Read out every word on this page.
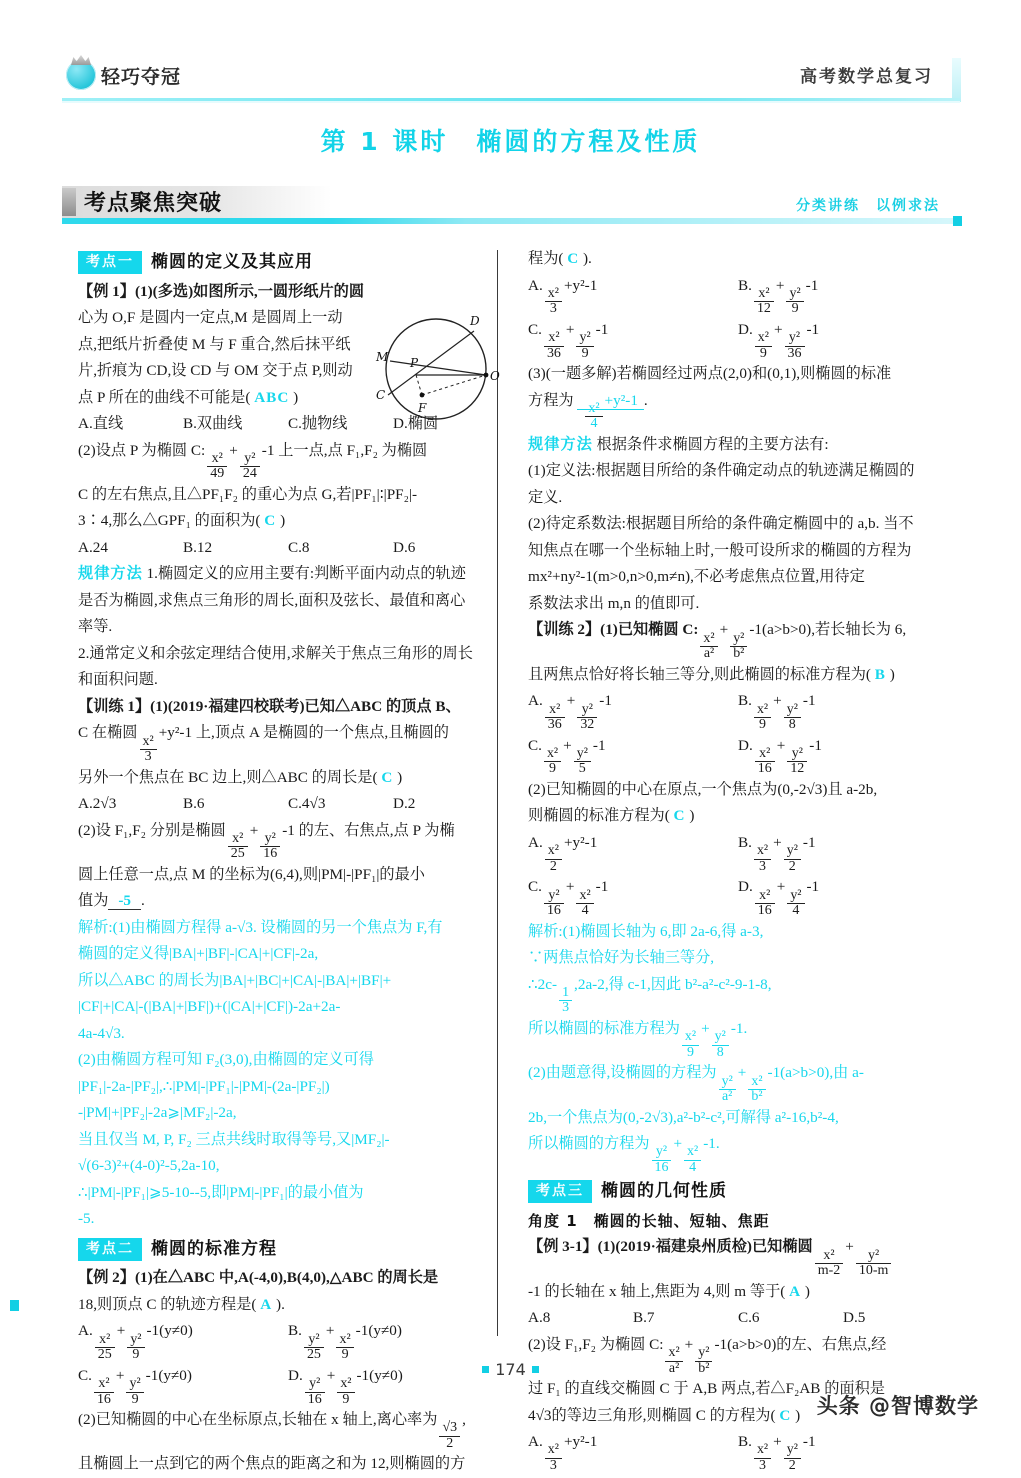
轻巧夺冠	高考数学总复习
第 1 课时　椭圆的方程及性质
考点聚焦突破	分类讲练　以例求法
考点一	椭圆的定义及其应用
D
M P
O
C
F

【例 1】(1)(多选)如图所示,一圆形纸片的圆

心为 O,F 是圆内一定点,M 是圆周上一动

点,把纸片折叠使 M 与 F 重合,然后抹平纸

片,折痕为 CD,设 CD 与 OM 交于点 P,则动

点 P 所在的曲线不可能是( ABC )

A.直线	B.双曲线	C.抛物线	D.椭圆

(2)设点 P 为椭圆 C:
$\frac{\text{x²}}{49}$
+
$\frac{\text{y²}}{24}$
-1 上一点,点 F₁,F₂ 为椭圆

C 的左右焦点,且△PF₁F₂ 的重心为点 G,若|PF₁|∶|PF₂|-

3∶4,那么△GPF₁ 的面积为( C )

A.24	B.12	C.8	D.6

规律方法 1.椭圆定义的应用主要有:判断平面内动点的轨迹

是否为椭圆,求焦点三角形的周长,面积及弦长、最值和离心

率等.

2.通常定义和余弦定理结合使用,求解关于焦点三角形的周长

和面积问题.

【训练 1】(1)(2019·福建四校联考)已知△ABC 的顶点 B、

C 在椭圆
$\frac{\text{x²}}{3}$
+y²-1 上,顶点 A 是椭圆的一个焦点,且椭圆的

另外一个焦点在 BC 边上,则△ABC 的周长是( C )

A.2√3	B.6	C.4√3	D.2

(2)设 F₁,F₂ 分别是椭圆
$\frac{\text{x²}}{25}$
+
$\frac{\text{y²}}{16}$
-1 的左、右焦点,点 P 为椭

圆上任意一点,点 M 的坐标为(6,4),则|PM|-|PF₁|的最小

值为 -5 .

解析:(1)由椭圆方程得 a-√3. 设椭圆的另一个焦点为 F,有

椭圆的定义得|BA|+|BF|-|CA|+|CF|-2a,

所以△ABC 的周长为|BA|+|BC|+|CA|-|BA|+|BF|+

|CF|+|CA|-(|BA|+|BF|)+(|CA|+|CF|)-2a+2a-

4a-4√3.

(2)由椭圆方程可知 F₂(3,0),由椭圆的定义可得

|PF₁|-2a-|PF₂|,∴|PM|-|PF₁|-|PM|-(2a-|PF₂|)

-|PM|+|PF₂|-2a⩾|MF₂|-2a,

当且仅当 M, P, F₂ 三点共线时取得等号,又|MF₂|-

√(6-3)²+(4-0)²-5,2a-10,

∴|PM|-|PF₁|⩾5-10--5,即|PM|-|PF₁|的最小值为

-5.

考点二	椭圆的标准方程

【例 2】(1)在△ABC 中,A(-4,0),B(4,0),△ABC 的周长是

18,则顶点 C 的轨迹方程是( A ).

A.
$\frac{\text{x²}}{25}$
+
$\frac{\text{y²}}{9}$
-1(y≠0)	B.
$\frac{\text{y²}}{25}$
+
$\frac{\text{x²}}{9}$
-1(y≠0)
C.
$\frac{\text{x²}}{16}$
+
$\frac{\text{y²}}{9}$
-1(y≠0)	D.
$\frac{\text{y²}}{16}$
+
$\frac{\text{x²}}{9}$
-1(y≠0)

(2)已知椭圆的中心在坐标原点,长轴在 x 轴上,离心率为
$\frac{√3}{2}$
,

且椭圆上一点到它的两个焦点的距离之和为 12,则椭圆的方

程为( C ).

A.
$\frac{\text{x²}}{3}$
+y²-1	B.
$\frac{\text{x²}}{12}$
+
$\frac{\text{y²}}{9}$
-1
C.
$\frac{\text{x²}}{36}$
+
$\frac{\text{y²}}{9}$
-1	D.
$\frac{\text{x²}}{9}$
+
$\frac{\text{y²}}{36}$
-1

(3)(一题多解)若椭圆经过两点(2,0)和(0,1),则椭圆的标准

方程为
$\frac{\text{x²}}{4}$
+y²-1 .

规律方法 根据条件求椭圆方程的主要方法有:

(1)定义法:根据题目所给的条件确定动点的轨迹满足椭圆的

定义.

(2)待定系数法:根据题目所给的条件确定椭圆中的 a,b. 当不

知焦点在哪一个坐标轴上时,一般可设所求的椭圆的方程为

mx²+ny²-1(m>0,n>0,m≠n),不必考虑焦点位置,用待定

系数法求出 m,n 的值即可.

【训练 2】(1)已知椭圆 C:
$\frac{\text{x²}}{\text{a²}}$
+
$\frac{\text{y²}}{\text{b²}}$
-1(a>b>0),若长轴长为 6,

且两焦点恰好将长轴三等分,则此椭圆的标准方程为( B )

A.
$\frac{\text{x²}}{36}$
+
$\frac{\text{y²}}{32}$
-1	B.
$\frac{\text{x²}}{9}$
+
$\frac{\text{y²}}{8}$
-1
C.
$\frac{\text{x²}}{9}$
+
$\frac{\text{y²}}{5}$
-1	D.
$\frac{\text{x²}}{16}$
+
$\frac{\text{y²}}{12}$
-1

(2)已知椭圆的中心在原点,一个焦点为(0,-2√3)且 a-2b,

则椭圆的标准方程为( C )

A.
$\frac{\text{x²}}{2}$
+y²-1	B.
$\frac{\text{x²}}{3}$
+
$\frac{\text{y²}}{2}$
-1
C.
$\frac{\text{y²}}{16}$
+
$\frac{\text{x²}}{4}$
-1	D.
$\frac{\text{x²}}{16}$
+
$\frac{\text{y²}}{4}$
-1

解析:(1)椭圆长轴为 6,即 2a-6,得 a-3,

∵两焦点恰好为长轴三等分,

∴2c-
$\frac{1}{3}$
,2a-2,得 c-1,因此 b²-a²-c²-9-1-8,

所以椭圆的标准方程为
$\frac{\text{x²}}{9}$
+
$\frac{\text{y²}}{8}$
-1.

(2)由题意得,设椭圆的方程为
$\frac{\text{y²}}{\text{a²}}$
+
$\frac{\text{x²}}{\text{b²}}$
-1(a>b>0),由 a-

2b,一个焦点为(0,-2√3),a²-b²-c²,可解得 a²-16,b²-4,

所以椭圆的方程为
$\frac{\text{y²}}{16}$
+
$\frac{\text{x²}}{4}$
-1.

考点三	椭圆的几何性质

角度 1　椭圆的长轴、短轴、焦距

【例 3-1】(1)(2019·福建泉州质检)已知椭圆
$\frac{\text{x²}}{m-2}$
+
$\frac{\text{y²}}{10-m}$

-1 的长轴在 x 轴上,焦距为 4,则 m 等于( A )

A.8	B.7	C.6	D.5

(2)设 F₁,F₂ 为椭圆 C:
$\frac{\text{x²}}{\text{a²}}$
+
$\frac{\text{y²}}{\text{b²}}$
-1(a>b>0)的左、右焦点,经

过 F₁ 的直线交椭圆 C 于 A,B 两点,若△F₂AB 的面积是

4√3的等边三角形,则椭圆 C 的方程为( C )

A.
$\frac{\text{x²}}{3}$
+y²-1	B.
$\frac{\text{x²}}{3}$
+
$\frac{\text{y²}}{2}$
-1
174
头条 @智博数学
